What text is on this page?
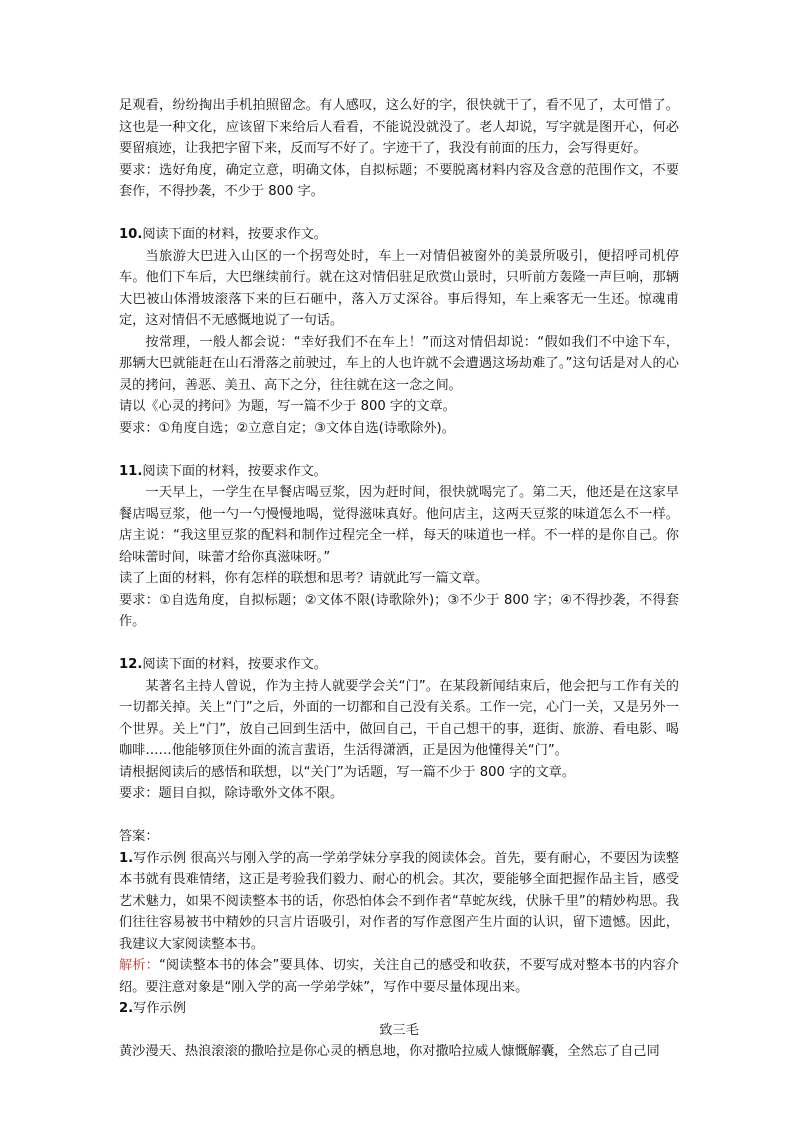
足观看，纷纷掏出手机拍照留念。有人感叹，这么好的字，很快就干了，看不见了，太可惜了。这也是一种文化，应该留下来给后人看看，不能说没就没了。老人却说，写字就是图开心，何必要留痕迹，让我把字留下来，反而写不好了。字迹干了，我没有前面的压力，会写得更好。

要求：选好角度，确定立意，明确文体，自拟标题；不要脱离材料内容及含意的范围作文，不要套作，不得抄袭，不少于 800 字。

10.阅读下面的材料，按要求作文。

当旅游大巴进入山区的一个拐弯处时，车上一对情侣被窗外的美景所吸引，便招呼司机停车。他们下车后，大巴继续前行。就在这对情侣驻足欣赏山景时，只听前方轰隆一声巨响，那辆大巴被山体滑坡滚落下来的巨石砸中，落入万丈深谷。事后得知，车上乘客无一生还。惊魂甫定，这对情侣不无感慨地说了一句话。

按常理，一般人都会说：“幸好我们不在车上！”而这对情侣却说：“假如我们不中途下车，那辆大巴就能赶在山石滑落之前驶过，车上的人也许就不会遭遇这场劫难了。”这句话是对人的心灵的拷问，善恶、美丑、高下之分，往往就在这一念之间。

请以《心灵的拷问》为题，写一篇不少于 800 字的文章。

要求：①角度自选；②立意自定；③文体自选(诗歌除外)。

11.阅读下面的材料，按要求作文。

一天早上，一学生在早餐店喝豆浆，因为赶时间，很快就喝完了。第二天，他还是在这家早餐店喝豆浆，他一勺一勺慢慢地喝，觉得滋味真好。他问店主，这两天豆浆的味道怎么不一样。店主说：“我这里豆浆的配料和制作过程完全一样，每天的味道也一样。不一样的是你自己。你给味蕾时间，味蕾才给你真滋味呀。”

读了上面的材料，你有怎样的联想和思考？请就此写一篇文章。

要求：①自选角度，自拟标题；②文体不限(诗歌除外)；③不少于 800 字；④不得抄袭，不得套作。

12.阅读下面的材料，按要求作文。

某著名主持人曾说，作为主持人就要学会关“门”。在某段新闻结束后，他会把与工作有关的一切都关掉。关上“门”之后，外面的一切都和自己没有关系。工作一完，心门一关，又是另外一个世界。关上“门”，放自己回到生活中，做回自己，干自己想干的事，逛街、旅游、看电影、喝咖啡……他能够顶住外面的流言蜚语，生活得潇洒，正是因为他懂得关“门”。

请根据阅读后的感悟和联想，以“关门”为话题，写一篇不少于 800 字的文章。

要求：题目自拟，除诗歌外文体不限。

答案：

1.写作示例 很高兴与刚入学的高一学弟学妹分享我的阅读体会。首先，要有耐心，不要因为读整本书就有畏难情绪，这正是考验我们毅力、耐心的机会。其次，要能够全面把握作品主旨，感受艺术魅力，如果不阅读整本书的话，你恐怕体会不到作者“草蛇灰线，伏脉千里”的精妙构思。我们往往容易被书中精妙的只言片语吸引，对作者的写作意图产生片面的认识，留下遗憾。因此，我建议大家阅读整本书。

解析：“阅读整本书的体会”要具体、切实，关注自己的感受和收获，不要写成对整本书的内容介绍。要注意对象是“刚入学的高一学弟学妹”，写作中要尽量体现出来。

2.写作示例

致三毛

黄沙漫天、热浪滚滚的撒哈拉是你心灵的栖息地，你对撒哈拉威人慷慨解囊，全然忘了自己同
